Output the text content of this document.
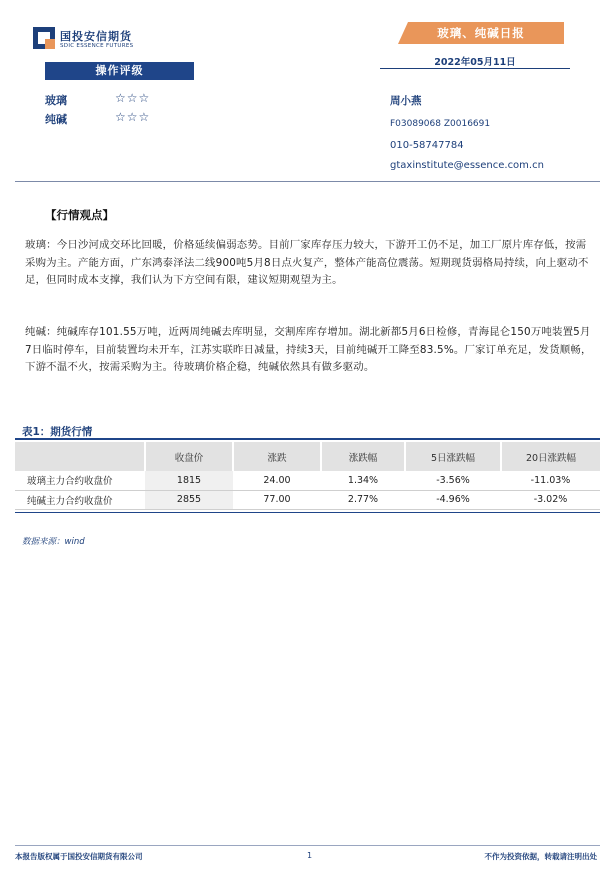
国投安信期货
SDIC ESSENCE FUTURES
玻璃、纯碱日报
2022年05月11日
操作评级
玻璃	☆☆☆
纯碱	☆☆☆
周小燕
F03089068 Z0016691
010-58747784
gtaxinstitute@essence.com.cn
【行情观点】

玻璃：今日沙河成交环比回暖，价格延续偏弱态势。目前厂家库存压力较大，下游开工仍不足，加工厂原片库存低，按需采购为主。产能方面，广东鸿泰泽法二线900吨5月8日点火复产，整体产能高位震荡。短期现货弱格局持续，向上驱动不足，但同时成本支撑，我们认为下方空间有限，建议短期观望为主。

纯碱：纯碱库存101.55万吨，近两周纯碱去库明显，交割库库存增加。湖北新都5月6日检修，青海昆仑150万吨装置5月7日临时停车，目前装置均未开车，江苏实联昨日减量，持续3天，目前纯碱开工降至83.5%。厂家订单充足，发货顺畅，下游不温不火，按需采购为主。待玻璃价格企稳，纯碱依然具有做多驱动。

表1：期货行情
	收盘价	涨跌	涨跌幅	5日涨跌幅	20日涨跌幅
玻璃主力合约收盘价	1815	24.00	1.34%	-3.56%	-11.03%
纯碱主力合约收盘价	2855	77.00	2.77%	-4.96%	-3.02%
数据来源：wind
本报告版权属于国投安信期货有限公司	1	不作为投资依据，转载请注明出处
